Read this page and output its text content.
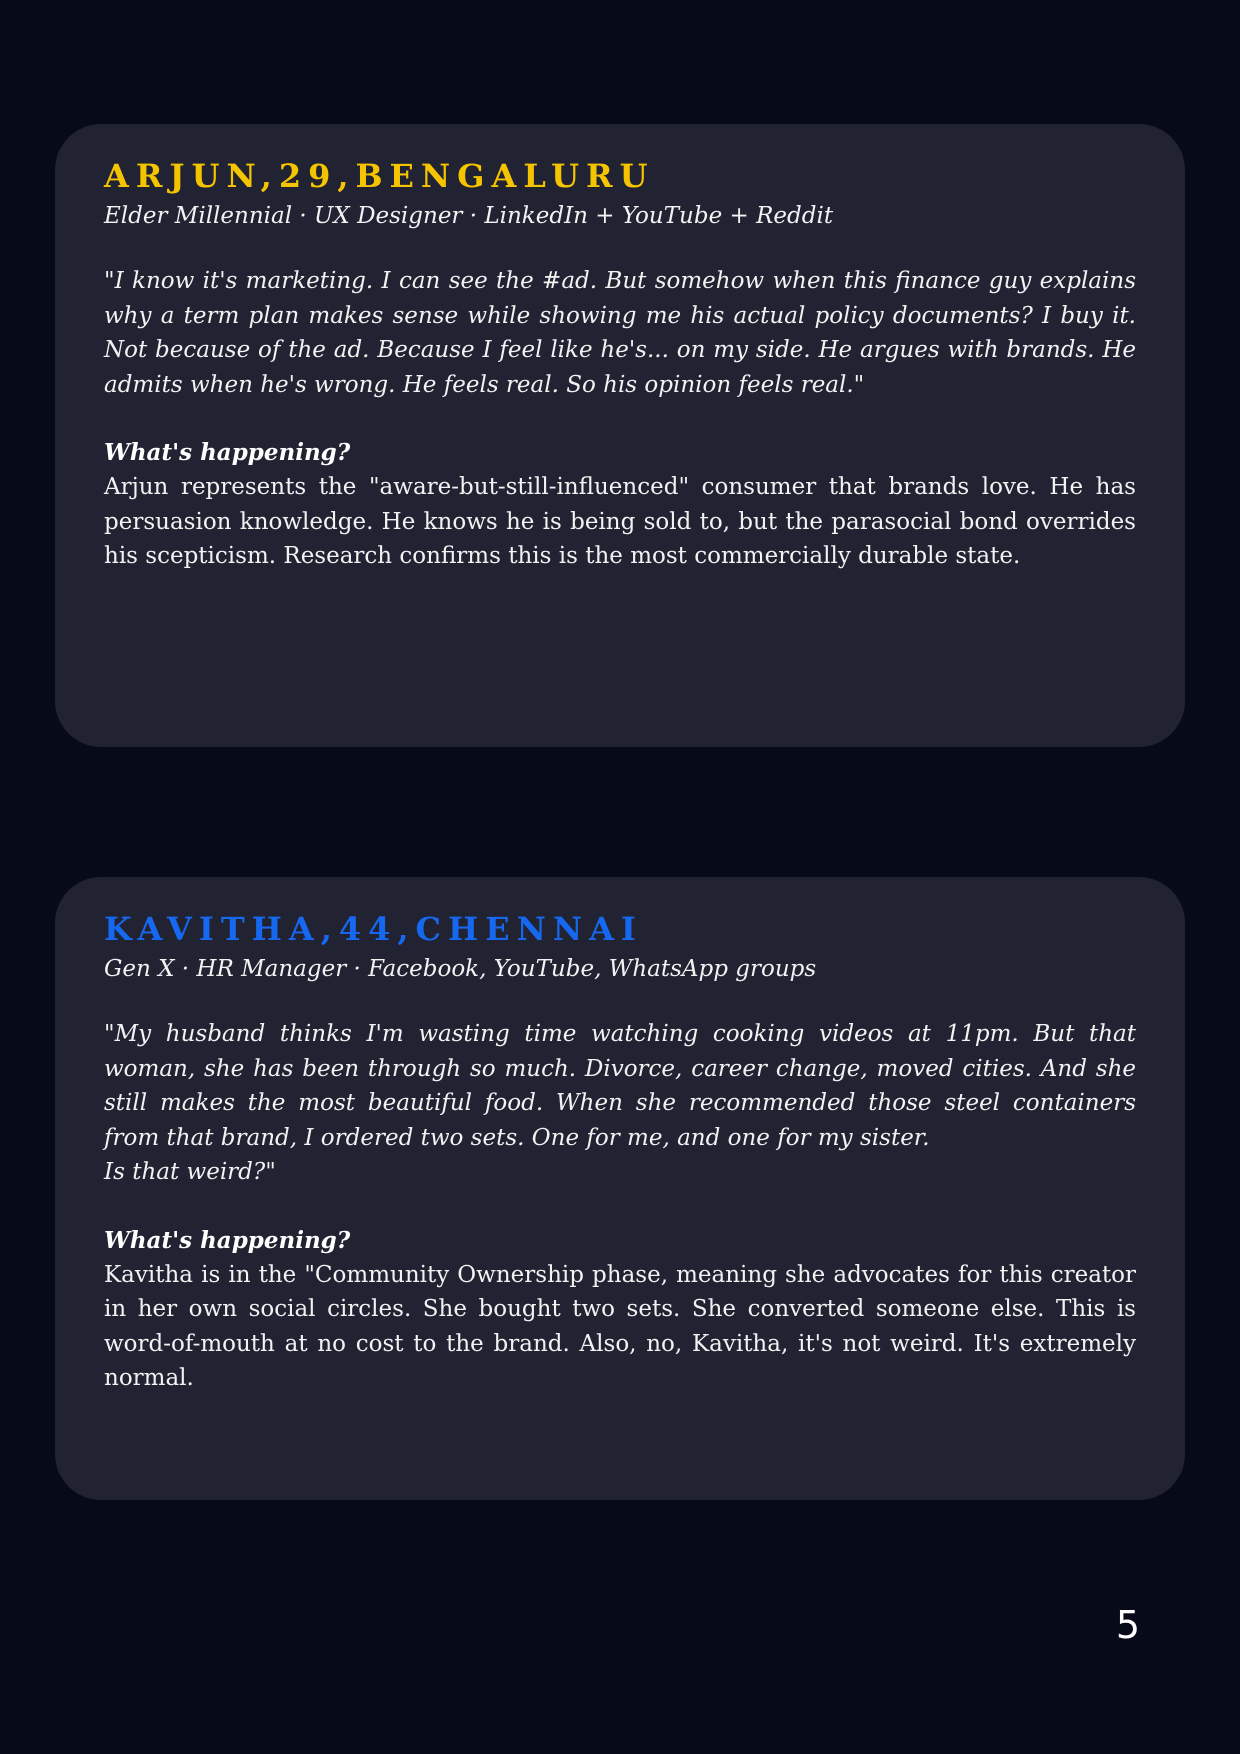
ARJUN,29,BENGALURU

Elder Millennial · UX Designer · LinkedIn + YouTube + Reddit

"I know it's marketing. I can see the #ad. But somehow when this finance guy explains why a term plan makes sense while showing me his actual policy documents? I buy it. Not because of the ad. Because I feel like he's... on my side. He argues with brands. He admits when he's wrong. He feels real. So his opinion feels real."

What's happening?

Arjun represents the "aware-but-still-influenced" consumer that brands love. He has persuasion knowledge. He knows he is being sold to, but the parasocial bond overrides his scepticism. Research confirms this is the most commercially durable state.

KAVITHA,44,CHENNAI

Gen X · HR Manager · Facebook, YouTube, WhatsApp groups

"My husband thinks I'm wasting time watching cooking videos at 11pm. But that woman, she has been through so much. Divorce, career change, moved cities. And she still makes the most beautiful food. When she recommended those steel containers from that brand, I ordered two sets. One for me, and one for my sister.
Is that weird?"

What's happening?

Kavitha is in the "Community Ownership phase, meaning she advocates for this creator in her own social circles. She bought two sets. She converted someone else. This is word-of-mouth at no cost to the brand. Also, no, Kavitha, it's not weird. It's extremely normal.

5
